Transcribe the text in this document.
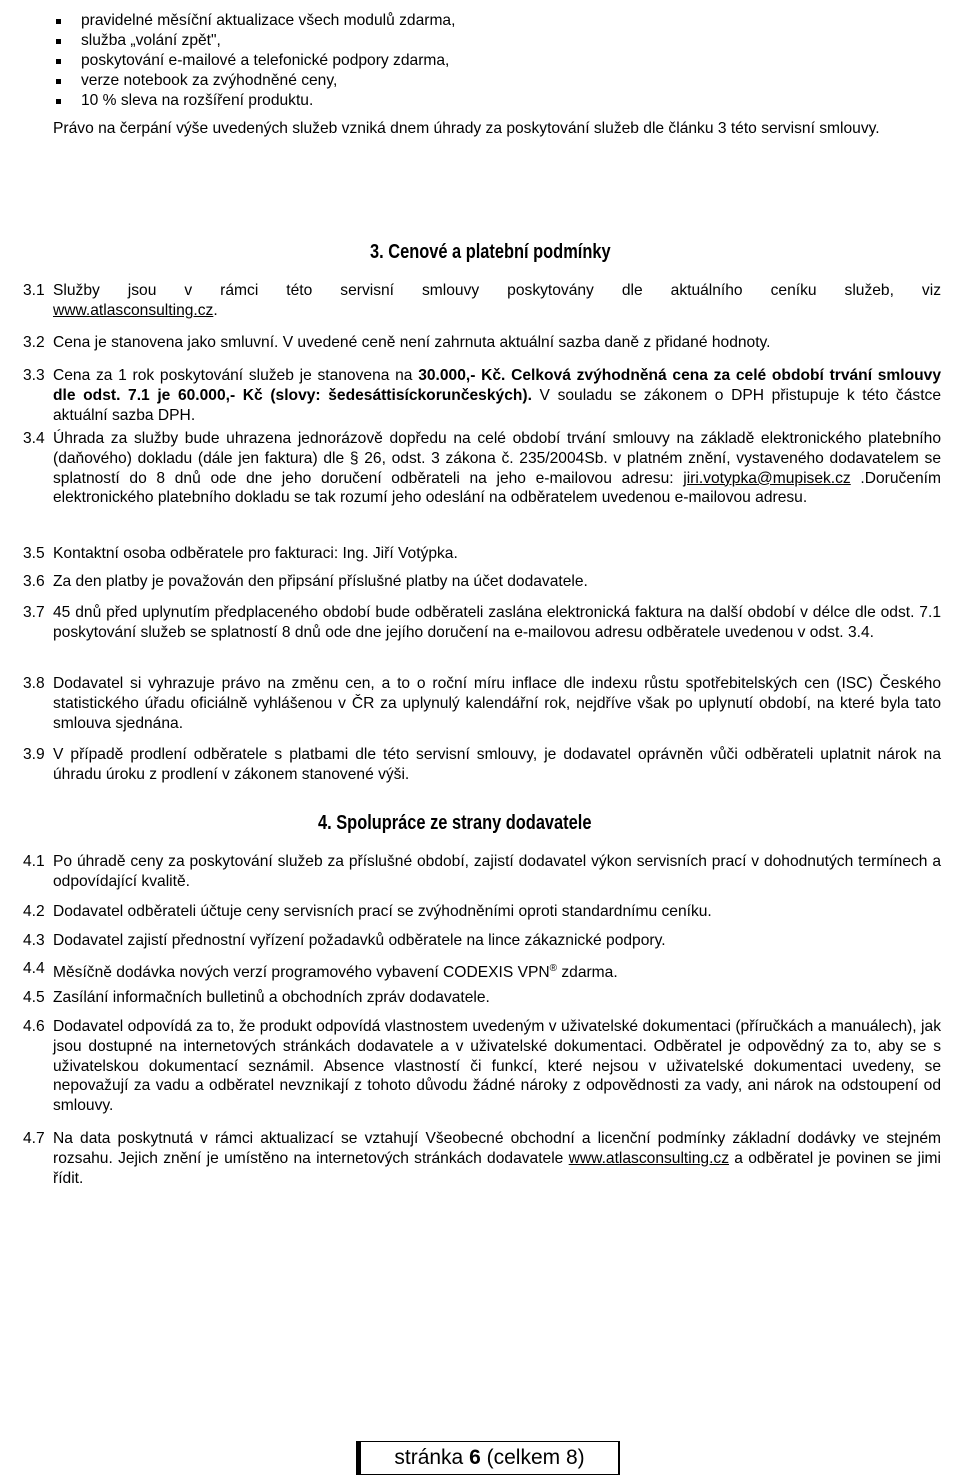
pravidelné měsíční aktualizace všech modulů zdarma,
služba „volání zpět",
poskytování e-mailové a telefonické podpory zdarma,
verze notebook za zvýhodněné ceny,
10 % sleva na rozšíření produktu.
Právo na čerpání výše uvedených služeb vzniká dnem úhrady za poskytování služeb dle článku 3 této servisní smlouvy.
3. Cenové a platební podmínky
3.1 Služby jsou v rámci této servisní smlouvy poskytovány dle aktuálního ceníku služeb, viz
www.atlasconsulting.cz.
3.2 Cena je stanovena jako smluvní. V uvedené ceně není zahrnuta aktuální sazba daně z přidané hodnoty.
3.3 Cena za 1 rok poskytování služeb je stanovena na 30.000,- Kč. Celková zvýhodněná cena za celé období trvání smlouvy dle odst. 7.1 je 60.000,- Kč (slovy: šedesáttisíckorunčeských). V souladu se zákonem o DPH přistupuje k této částce aktuální sazba DPH.
3.4 Úhrada za služby bude uhrazena jednorázově dopředu na celé období trvání smlouvy na základě elektronického platebního (daňového) dokladu (dále jen faktura) dle § 26, odst. 3 zákona č. 235/2004Sb. v platném znění, vystaveného dodavatelem se splatností do 8 dnů ode dne jeho doručení odběrateli na jeho e-mailovou adresu: jiri.votypka@mupisek.cz .Doručením elektronického platebního dokladu se tak rozumí jeho odeslání na odběratelem uvedenou e-mailovou adresu.
3.5 Kontaktní osoba odběratele pro fakturaci: Ing. Jiří Votýpka.
3.6 Za den platby je považován den připsání příslušné platby na účet dodavatele.
3.7 45 dnů před uplynutím předplaceného období bude odběrateli zaslána elektronická faktura na další období v délce dle odst. 7.1 poskytování služeb se splatností 8 dnů ode dne jejího doručení na e-mailovou adresu odběratele uvedenou v odst. 3.4.
3.8 Dodavatel si vyhrazuje právo na změnu cen, a to o roční míru inflace dle indexu růstu spotřebitelských cen (ISC) Českého statistického úřadu oficiálně vyhlášenou v ČR za uplynulý kalendářní rok, nejdříve však po uplynutí období, na které byla tato smlouva sjednána.
3.9 V případě prodlení odběratele s platbami dle této servisní smlouvy, je dodavatel oprávněn vůči odběrateli uplatnit nárok na úhradu úroku z prodlení v zákonem stanovené výši.
4. Spolupráce ze strany dodavatele
4.1 Po úhradě ceny za poskytování služeb za příslušné období, zajistí dodavatel výkon servisních prací v dohodnutých termínech a odpovídající kvalitě.
4.2 Dodavatel odběrateli účtuje ceny servisních prací se zvýhodněními oproti standardnímu ceníku.
4.3 Dodavatel zajistí přednostní vyřízení požadavků odběratele na lince zákaznické podpory.
4.4 Měsíčně dodávka nových verzí programového vybavení CODEXIS VPN® zdarma.
4.5 Zasílání informačních bulletinů a obchodních zpráv dodavatele.
4.6 Dodavatel odpovídá za to, že produkt odpovídá vlastnostem uvedeným v uživatelské dokumentaci (příručkách a manuálech), jak jsou dostupné na internetových stránkách dodavatele a v uživatelské dokumentaci. Odběratel je odpovědný za to, aby se s uživatelskou dokumentací seznámil. Absence vlastností či funkcí, které nejsou v uživatelské dokumentaci uvedeny, se nepovažují za vadu a odběratel nevznikají z tohoto důvodu žádné nároky z odpovědnosti za vady, ani nárok na odstoupení od smlouvy.
4.7 Na data poskytnutá v rámci aktualizací se vztahují Všeobecné obchodní a licenční podmínky základní dodávky ve stejném rozsahu. Jejich znění je umístěno na internetových stránkách dodavatele www.atlasconsulting.cz a odběratel je povinen se jimi řídit.
stránka 6 (celkem 8)
